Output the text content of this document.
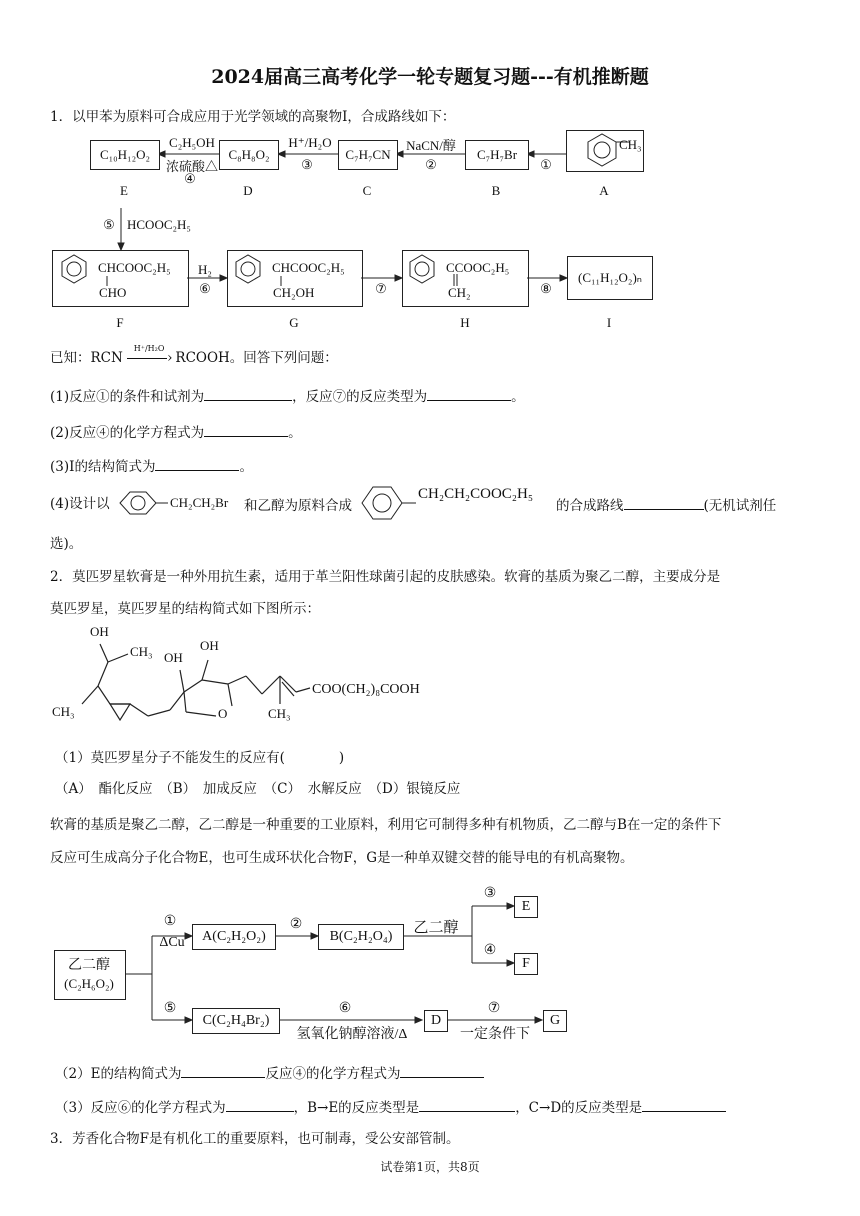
2024届高三高考化学一轮专题复习题---有机推断题
1．以甲苯为原料可合成应用于光学领域的高聚物I，合成路线如下：
C₁₀H₁₂O₂	C₈H₈O₂	C₇H₇CN	C₇H₇Br
CH₃
C₂H₅OH
浓硫酸△
④
H⁺/H₂O
③
NaCN/醇
②	①
E	D	C	B	A
⑤ HCOOC₂H₅
CHCOOC₂H₅
CHO
CHCOOC₂H₅
CH₂OH
CCOOC₂H₅
CH₂
(C₁₁H₁₂O₂)ₙ
H₂
⑥	⑦	⑧
F	G	H	I
已知：RCN
H⁺/H₂O
› RCOOH。回答下列问题：
(1)反应①的条件和试剂为	，反应⑦的反应类型为	。
(2)反应④的化学方程式为	。
(3)I的结构简式为	。
(4)设计以	CH₂CH₂Br 和乙醇为原料合成
CH₂CH₂COOC₂H₅
的合成路线	(无机试剂任
选)。
2．莫匹罗星软膏是一种外用抗生素，适用于革兰阳性球菌引起的皮肤感染。软膏的基质为聚乙二醇，主要成分是
莫匹罗星，莫匹罗星的结构简式如下图所示：
OH
CH₃ OH
OH
CH₃	O	CH₃
COO(CH₂)₈COOH
（1）莫匹罗星分子不能发生的反应有(　　　　)
（A）　酯化反应　（B）　加成反应　（C）　水解反应　（D）银镜反应
软膏的基质是聚乙二醇，乙二醇是一种重要的工业原料，利用它可制得多种有机物质，乙二醇与B在一定的条件下
反应可生成高分子化合物E，也可生成环状化合物F，G是一种单双键交替的能导电的有机高聚物。
乙二醇
(C₂H₆O₂)
①
ΔCu	A(C₂H₂O₂)
②
B(C₂H₂O₄)
乙二醇
③
E
④
F
⑤
C(C₂H₄Br₂)
⑥
氢氧化钠醇溶液/Δ
D
⑦
一定条件下
G
（2）E的结构简式为	反应④的化学方程式为
（3）反应⑥的化学方程式为	，B→E的反应类型是	，C→D的反应类型是
3．芳香化合物F是有机化工的重要原料，也可制毒，受公安部管制。
试卷第1页，共8页
